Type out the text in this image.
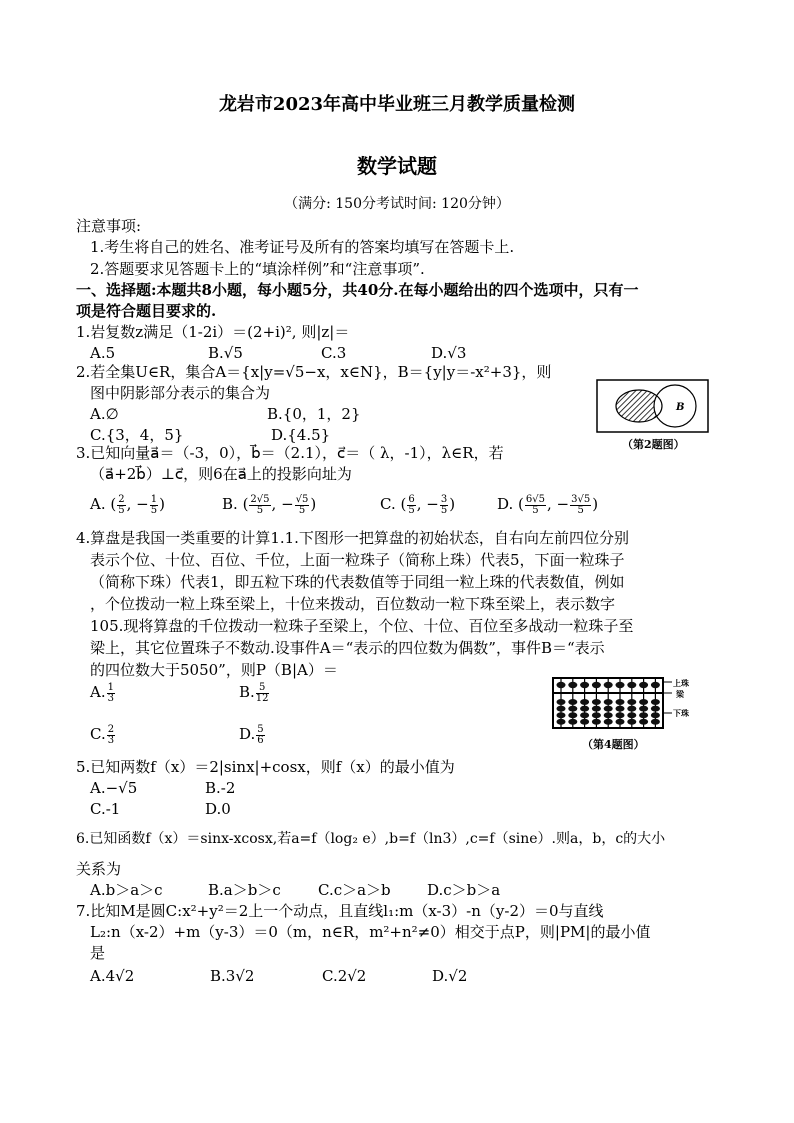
龙岩市2023年高中毕业班三月教学质量检测
数学试题
（满分: 150分考试时间: 120分钟）
注意事项:
1.考生将自己的姓名、准考证号及所有的答案均填写在答题卡上.
2.答题要求见答题卡上的“填涂样例”和“注意事项”.
一、选择题:本题共8小题，每小题5分，共40分.在每小题给出的四个选项中，只有一
项是符合题目要求的.
1.岩复数z满足（1-2i）＝(2+i)², 则|z|＝
A.5	B.√5	C.3	D.√3
2.若全集U∈R，集合A＝{x|y=√5−x，x∈N}，B＝{y|y＝-x²+3}，则
图中阴影部分表示的集合为
A.∅	B.{0，1，2}
C.{3，4，5}	D.{4.5}
B
（第2题图）
3.已知向量a⃗＝（-3，0），b⃗＝（2.1），c⃗＝（ λ，-1），λ∈R，若
（a⃗+2b⃗）⊥c⃗，则6在a⃗上的投影向址为
A. ( $\frac{2}{5}$ , − $\frac{1}{5}$ )	B. ( $\frac{2√5}{5}$ , − $\frac{√5}{5}$ )	C. ( $\frac{6}{5}$ , − $\frac{3}{5}$ )	D. ( $\frac{6√5}{5}$ , − $\frac{3√5}{5}$ )
4.算盘是我国一类重要的计算1.1.下图形一把算盘的初始状态，自右向左前四位分别
表示个位、十位、百位、千位，上面一粒珠子（简称上珠）代表5，下面一粒珠子
（简称下珠）代表1，即五粒下珠的代表数值等于同组一粒上珠的代表数值，例如
，个位拨动一粒上珠至梁上，十位来拨动，百位数动一粒下珠至梁上，表示数字
105.现将算盘的千位拨动一粒珠子至梁上，个位、十位、百位至多战动一粒珠子至
梁上，其它位置珠子不数动.设事件A＝“表示的四位数为偶数”，事件B＝“表示
的四位数大于5050”，则P（B|A）＝
A. $\frac{1}{3}$	B. $\frac{5}{12}$
C. $\frac{2}{3}$	D. $\frac{5}{6}$
上珠
梁
下珠
（第4题图）
5.已知两数f（x）＝2|sinx|+cosx，则f（x）的最小值为
A.−√5	B.-2
C.-1	D.0
6.已知函数f（x）＝sinx-xcosx,若a=f（log₂ e）,b=f（ln3）,c=f（sine）.则a，b，c的大小
关系为
A.b＞a＞c	B.a＞b＞c C.c＞a＞b D.c＞b＞a
7.比知M是圆C:x²+y²＝2上一个动点，且直线l₁:m（x-3）-n（y-2）＝0与直线
L₂:n（x-2）+m（y-3）＝0（m，n∈R，m²+n²≠0）相交于点P，则|PM|的最小值
是
A.4√2	B.3√2	C.2√2	D.√2
